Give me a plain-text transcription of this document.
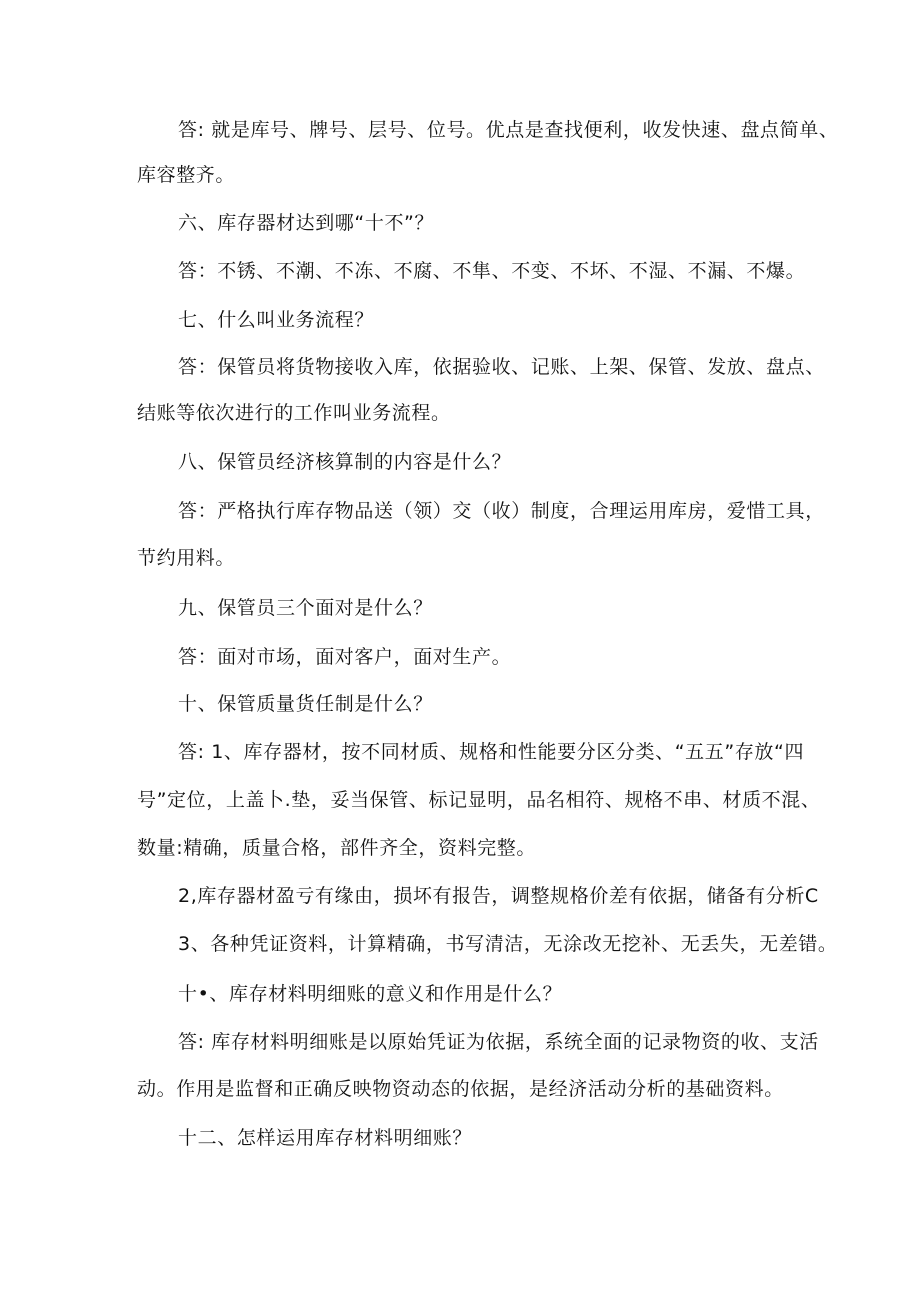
答: 就是库号、牌号、层号、位号。优点是查找便利，收发快速、盘点简单、

库容整齐。

六、库存器材达到哪“十不”？

答：不锈、不潮、不冻、不腐、不隼、不变、不坏、不湿、不漏、不爆。

七、什么叫业务流程？

答：保管员将货物接收入库，依据验收、记账、上架、保管、发放、盘点、

结账等依次进行的工作叫业务流程。

八、保管员经济核算制的内容是什么？

答：严格执行库存物品送（领）交（收）制度，合理运用库房，爱惜工具，

节约用料。

九、保管员三个面对是什么？

答：面对市场，面对客户，面对生产。

十、保管质量货任制是什么？

答: 1、库存器材，按不同材质、规格和性能要分区分类、“五五”存放“四

号”定位，上盖卜.垫，妥当保管、标记显明，品名相符、规格不串、材质不混、

数量:精确，质量合格，部件齐全，资料完整。

2,库存器材盈亏有缘由，损坏有报告，调整规格价差有依据，储备有分析C

3、各种凭证资料，计算精确，书写清洁，无涂改无挖补、无丢失，无差错。

十•、库存材料明细账的意义和作用是什么？

答: 库存材料明细账是以原始凭证为依据，系统全面的记录物资的收、支活

动。作用是监督和正确反映物资动态的依据，是经济活动分析的基础资料。

十二、怎样运用库存材料明细账？
